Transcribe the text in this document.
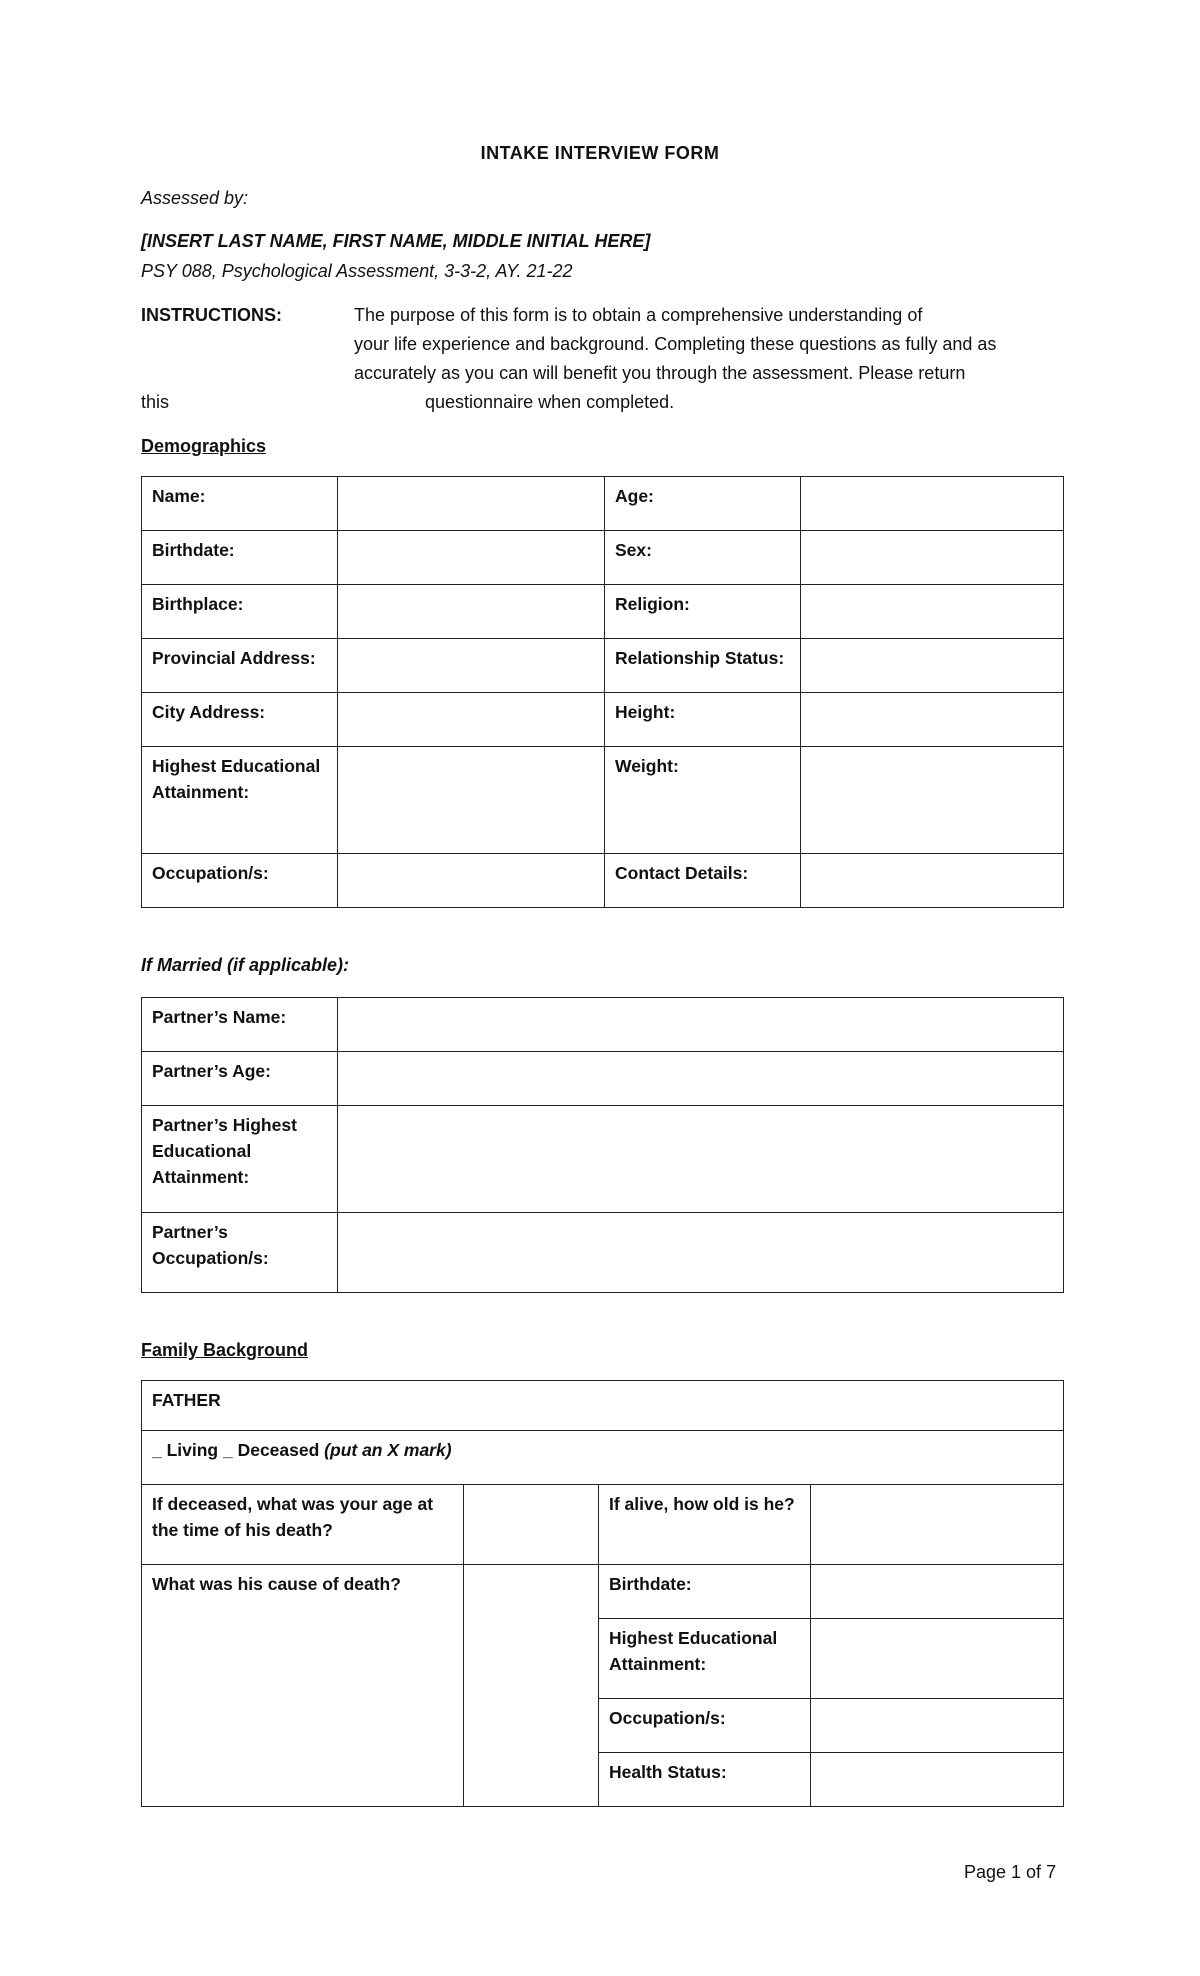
INTAKE INTERVIEW FORM
Assessed by:
[INSERT LAST NAME, FIRST NAME, MIDDLE INITIAL HERE]
PSY 088, Psychological Assessment, 3-3-2, AY. 21-22
INSTRUCTIONS:	The purpose of this form is to obtain a comprehensive understanding of
your life experience and background. Completing these questions as fully and as
accurately as you can will benefit you through the assessment. Please return
this	questionnaire when completed.
Demographics
Name:		Age:	
Birthdate:		Sex:	
Birthplace:		Religion:	
Provincial Address:		Relationship Status:	
City Address:		Height:	
Highest Educational Attainment:		Weight:	
Occupation/s:		Contact Details:	
If Married (if applicable):
Partner’s Name:	
Partner’s Age:	
Partner’s Highest Educational Attainment:	
Partner’s Occupation/s:	
Family Background
FATHER			
_ Living _ Deceased (put an X mark)			
If deceased, what was your age at the time of his death?		If alive, how old is he?	
What was his cause of death?		Birthdate:	
		Highest Educational Attainment:	
		Occupation/s:	
		Health Status:	
Page 1 of 7
